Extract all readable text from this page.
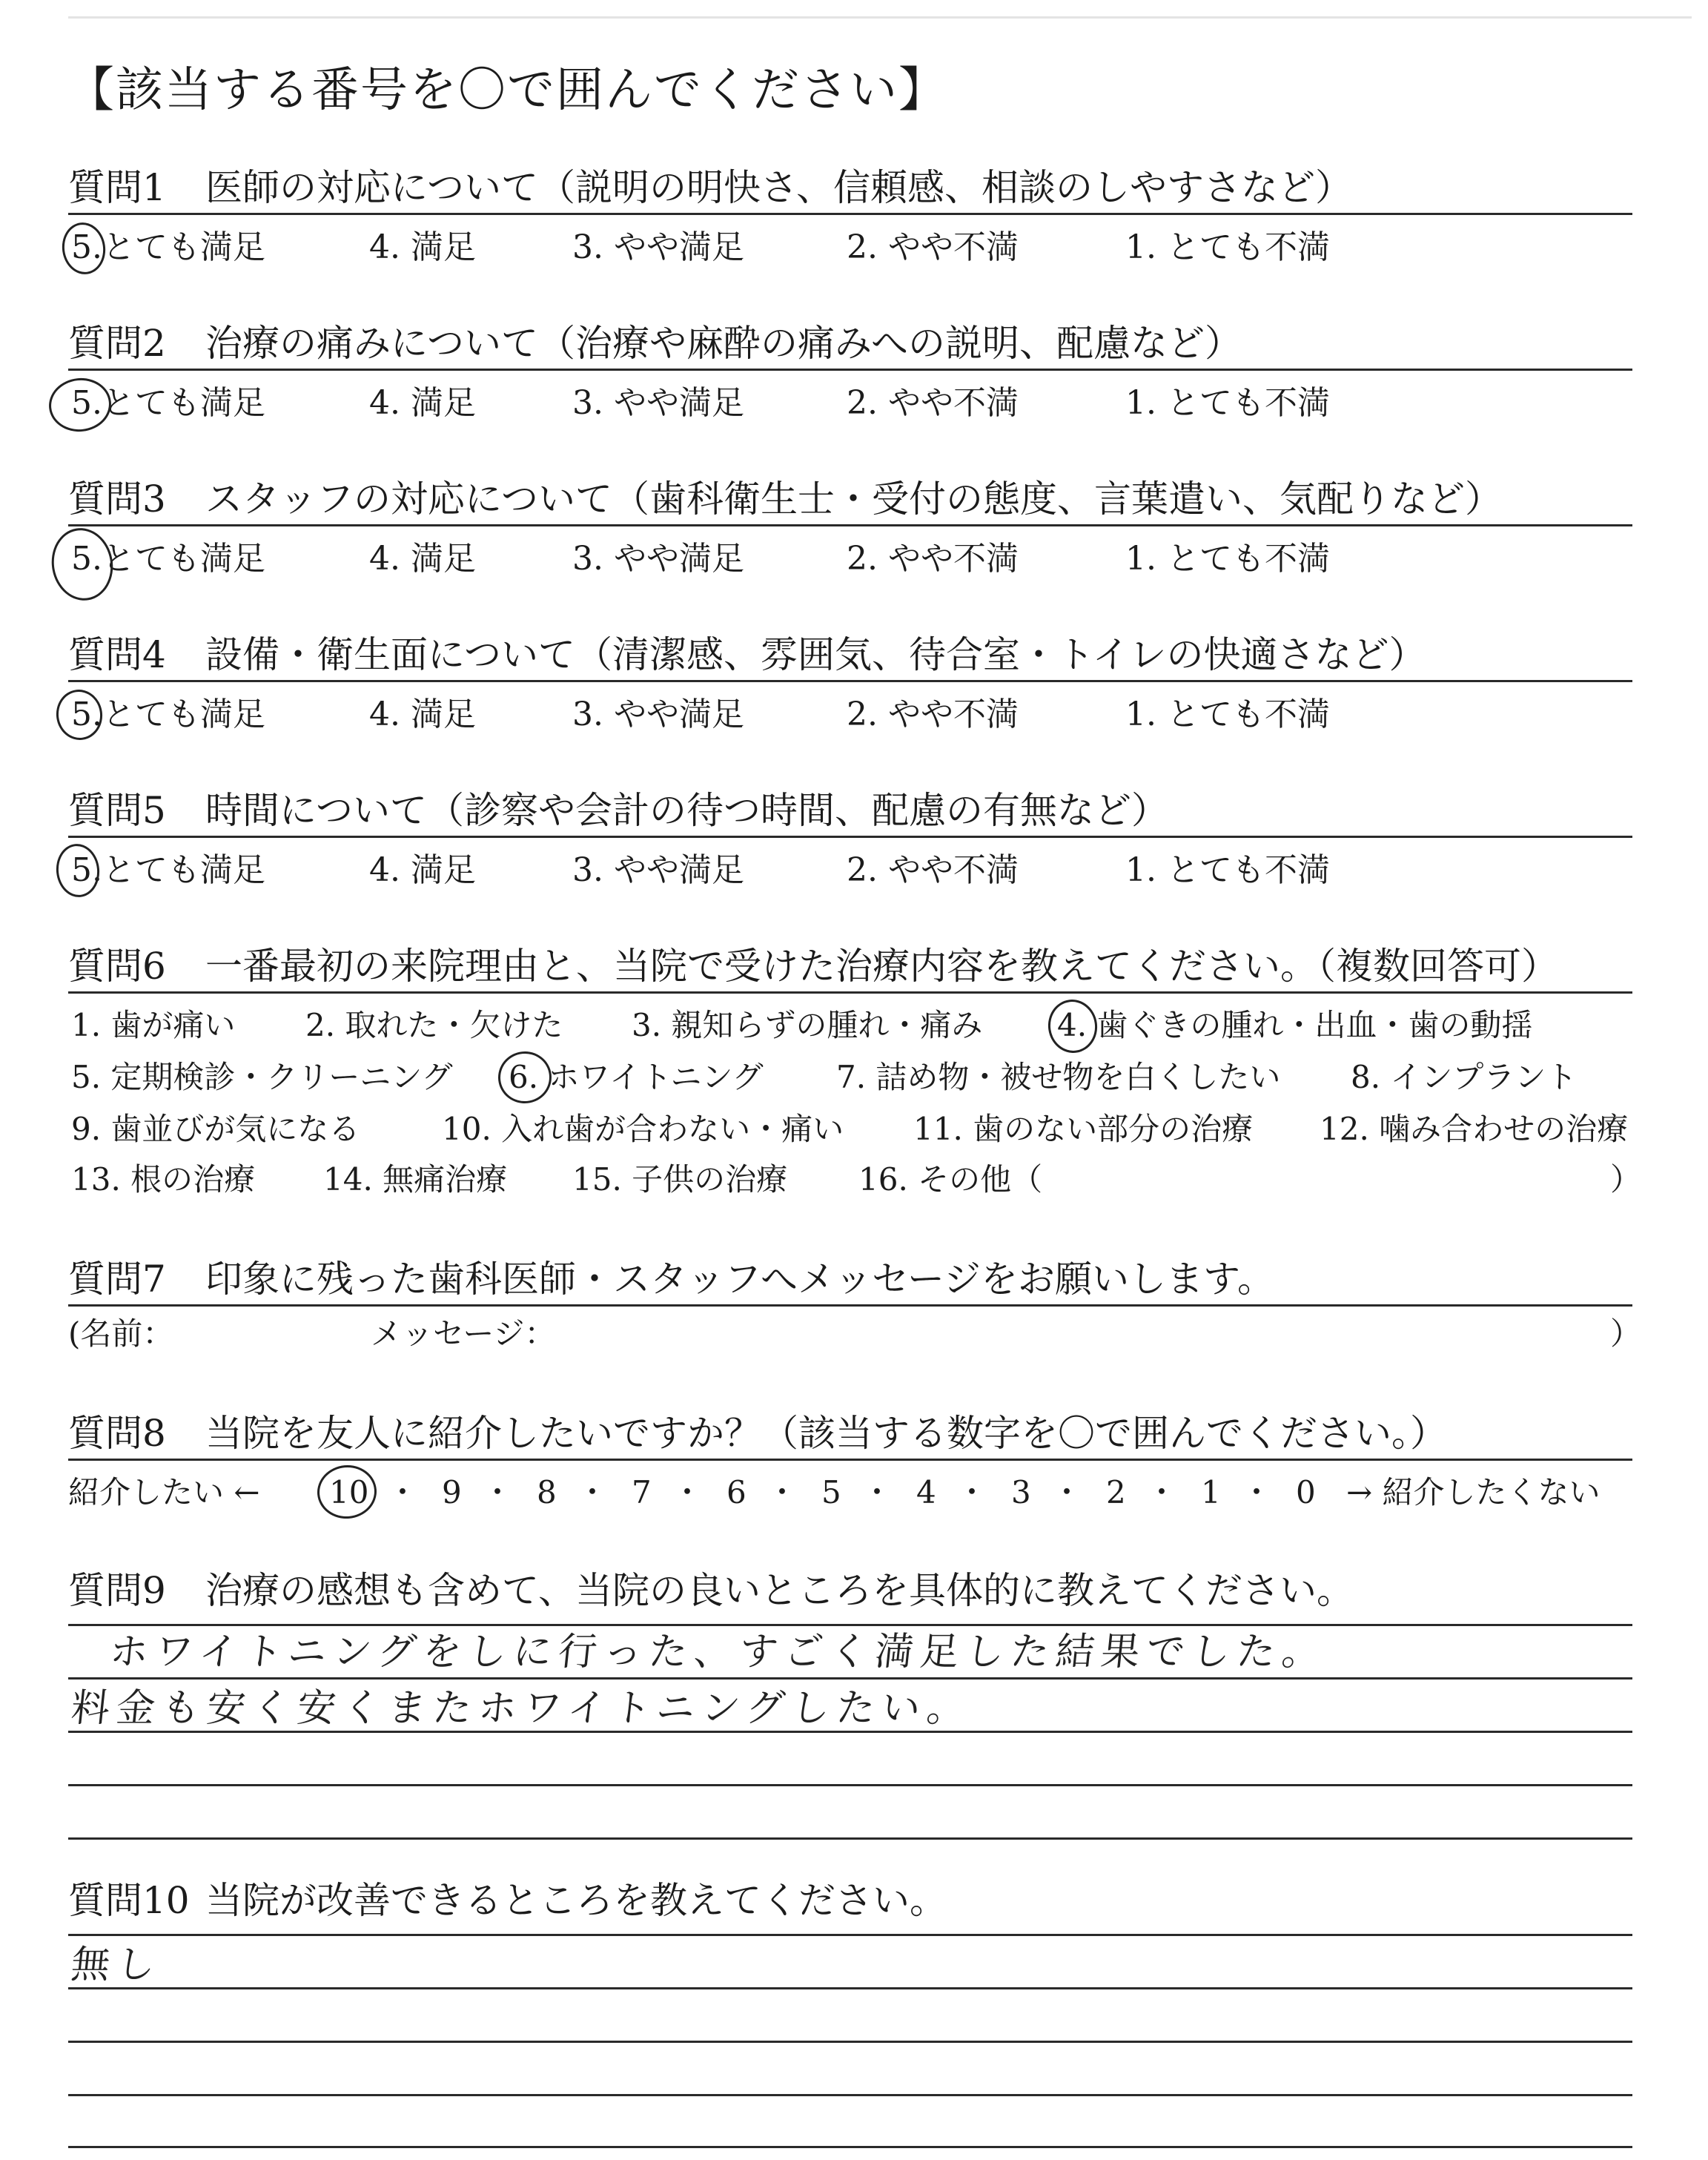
【該当する番号を〇で囲んでください】
質問1 医師の対応について（説明の明快さ、信頼感、相談のしやすさなど）
5.とても満足	4. 満足	3. やや満足	2. やや不満	1. とても不満
質問2 治療の痛みについて（治療や麻酔の痛みへの説明、配慮など）
5.とても満足	4. 満足	3. やや満足	2. やや不満	1. とても不満
質問3 スタッフの対応について（歯科衛生士・受付の態度、言葉遣い、気配りなど）
5.とても満足	4. 満足	3. やや満足	2. やや不満	1. とても不満
質問4 設備・衛生面について（清潔感、雰囲気、待合室・トイレの快適さなど）
5.とても満足	4. 満足	3. やや満足	2. やや不満	1. とても不満
質問5 時間について（診察や会計の待つ時間、配慮の有無など）
5.とても満足	4. 満足	3. やや満足	2. やや不満	1. とても不満
質問6 一番最初の来院理由と、当院で受けた治療内容を教えてください。（複数回答可）
1. 歯が痛い 2. 取れた・欠けた 3. 親知らずの腫れ・痛み 4. 歯ぐきの腫れ・出血・歯の動揺
5. 定期検診・クリーニング 6. ホワイトニング 7. 詰め物・被せ物を白くしたい 8. インプラント
9. 歯並びが気になる	10. 入れ歯が合わない・痛い 11. 歯のない部分の治療 12. 噛み合わせの治療
13. 根の治療 14. 無痛治療 15. 子供の治療 16. その他（	）
質問7 印象に残った歯科医師・スタッフへメッセージをお願いします。
(名前：	メッセージ：	）
質問8 当院を友人に紹介したいですか？（該当する数字を〇で囲んでください。）
紹介したい ←	→ 紹介したくない
10 ・ 9 ・ 8 ・ 7 ・ 6 ・ 5 ・ 4 ・ 3 ・ 2 ・ 1 ・ 0
質問9 治療の感想も含めて、当院の良いところを具体的に教えてください。
ホワイトニングをしに行った、すごく満足した結果でした。
料金も安く安くまたホワイトニングしたい。
質問10 当院が改善できるところを教えてください。
無し
